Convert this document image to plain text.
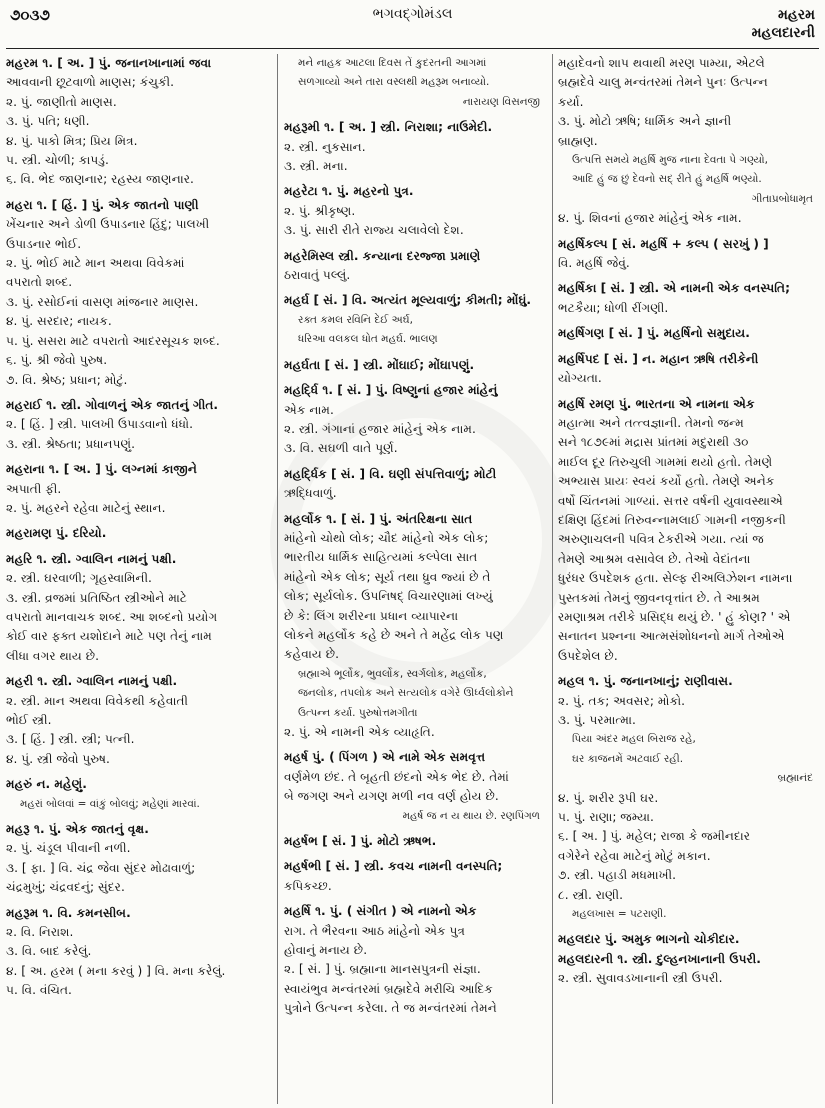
૭૦૩૭	ભગવદ્ગોમંડલ	મહરમ
મહલદારની
મહરમ ૧. [ અ. ] પું. જનાનખાનામાં જવા
આવવાની છૂટવાળો માણસ; કંચુકી.
૨. પું. જાણીતો માણસ.
૩. પું. પતિ; ધણી.
૪. પું. પાકો મિત્ર; પ્રિય મિત્ર.
૫. સ્ત્રી. ચોળી; કાપડું.
૬. વિ. ભેદ જાણનાર; રહસ્ય જાણનાર.
મહરા ૧. [ હિં. ] પું. એક જાતનો પાણી
ખેંચનાર અને ડોળી ઉપાડનાર હિંદુ; પાલખી
ઉપાડનાર ભોઈ.
૨. પું. ભોઈ માટે માન અથવા વિવેકમાં
વપરાતો શબ્દ.
૩. પું. રસોઈનાં વાસણ માંજનાર માણસ.
૪. પું. સરદાર; નાયક.
૫. પું. સસરા માટે વપરાતો આદરસૂચક શબ્દ.
૬. પું. શ્રી જેવો પુરુષ.
૭. વિ. શ્રેષ્ઠ; પ્રધાન; મોટું.
મહરાઈ ૧. સ્ત્રી. ગોવાળનું એક જાતનું ગીત.
૨. [ હિં. ] સ્ત્રી. પાલખી ઉપાડવાનો ધંધો.
૩. સ્ત્રી. શ્રેષ્ઠતા; પ્રધાનપણું.
મહરાના ૧. [ અ. ] પું. લગ્નમાં કાજીને
અપાતી ફી.
૨. પું. મહરને રહેવા માટેનું સ્થાન.
મહરામણ પું. દરિયો.
મહરિ ૧. સ્ત્રી. ગ્વાલિન નામનું પક્ષી.
૨. સ્ત્રી. ઘરવાળી; ગૃહસ્વામિની.
૩. સ્ત્રી. વ્રજમાં પ્રતિષ્ઠિત સ્ત્રીઓને માટે
વપરાતો માનવાચક શબ્દ. આ શબ્દનો પ્રયોગ
કોઈ વાર ફક્ત યશોદાને માટે પણ તેનું નામ
લીધા વગર થાય છે.
મહરી ૧. સ્ત્રી. ગ્વાલિન નામનું પક્ષી.
૨. સ્ત્રી. માન અથવા વિવેકથી કહેવાતી
ભોઈ સ્ત્રી.
૩. [ હિં. ] સ્ત્રી. સ્ત્રી; પત્ની.
૪. પું. સ્ત્રી જેવો પુરુષ.
મહરું ન. મહેણું.
મહરાં બોલવાં = વાંકું બોલવું; મહેણાં મારવાં.
મહરૂ ૧. પું. એક જાતનું વૃક્ષ.
૨. પું. ચંડૂલ પીવાની નળી.
૩. [ ફા. ] વિ. ચંદ્ર જેવા સુંદર મોઢાવાળું;
ચંદ્રમુખું; ચંદ્રવદનું; સુંદર.
મહરૂમ ૧. વિ. કમનસીબ.
૨. વિ. નિરાશ.
૩. વિ. બાદ કરેલું.
૪. [ અ. હરમ ( મના કરવું ) ] વિ. મના કરેલું.
૫. વિ. વંચિત.
મને નાહક આટલા દિવસ તેં કુદરતની આગમાં
સળગાવ્યો અને તારા વસ્લથી મહરૂમ બનાવ્યો.
નારાયણ વિસનજી
મહરૂમી ૧. [ અ. ] સ્ત્રી. નિરાશા; નાઉમેદી.
૨. સ્ત્રી. નુકસાન.
૩. સ્ત્રી. મના.
મહરેટા ૧. પું. મહરનો પુત્ર.
૨. પું. શ્રીકૃષ્ણ.
૩. પું. સારી રીતે રાજ્ય ચલાવેલો દેશ.
મહરેમિસ્લ સ્ત્રી. કન્યાના દરજ્જા પ્રમાણે
ઠરાવાતું પલ્લું.
મહર્ઘ [ સં. ] વિ. અત્યંત મૂલ્યવાળું; કીમતી; મોંઘું.
રક્ત કમલ રવિનિ દેઈ અર્ઘ,
ધરિઆ વલકલ ધોત મહર્ઘ. ભાલણ
મહર્ઘતા [ સં. ] સ્ત્રી. મોંઘાઈ; મોંઘાપણું.
મહર્દ્ધિ ૧. [ સં. ] પું. વિષ્ણુનાં હજાર માંહેનું
એક નામ.
૨. સ્ત્રી. ગંગાનાં હજાર માંહેનું એક નામ.
૩. વિ. સઘળી વાતે પૂર્ણ.
મહર્દ્ધિક [ સં. ] વિ. ઘણી સંપત્તિવાળું; મોટી
ઋદ્ધિવાળું.
મહર્લોક ૧. [ સં. ] પું. અંતરિક્ષના સાત
માંહેનો ચોથો લોક; ચૌદ માંહેનો એક લોક;
ભારતીય ધાર્મિક સાહિત્યમાં કલ્પેલા સાત
માંહેનો એક લોક; સૂર્ય તથા ધ્રુવ જ્યાં છે તે
લોક; સૂર્યલોક. ઉપનિષદ્ વિચારણામાં લખ્યું
છે કે: લિંગ શરીરના પ્રધાન વ્યાપારના
લોકને મહર્લોક કહે છે અને તે મહેંદ્ર લોક પણ
કહેવાય છે.
બ્રહ્માએ ભૂર્લોક, ભુવર્લોક, સ્વર્ગલોક, મહર્લોક,
જનલોક, તપલોક અને સત્યલોક વગેરે ઊર્ધ્વલોકોને
ઉત્પન્ન કર્યા. પુરુષોત્તમગીતા
૨. પું. એ નામની એક વ્યાહૃતિ.
મહર્ષ પું. ( પિંગળ ) એ નામે એક સમવૃત્ત
વર્ણમેળ છંદ. તે બૃહતી છંદનો એક ભેદ છે. તેમાં
બે જગણ અને યગણ મળી નવ વર્ણ હોય છે.
મહર્ષ જ ન ય થાય છે. રણપિંગળ
મહર્ષભ [ સં. ] પું. મોટો ઋષભ.
મહર્ષભી [ સં. ] સ્ત્રી. કવચ નામની વનસ્પતિ;
કપિકચ્છ.
મહર્ષિ ૧. પું. ( સંગીત ) એ નામનો એક
રાગ. તે ભૈરવના આઠ માંહેનો એક પુત્ર
હોવાનું મનાય છે.
૨. [ સં. ] પું. બ્રહ્માના માનસપુત્રની સંજ્ઞા.
સ્વાયંભુવ મન્વંતરમાં બ્રહ્મદેવે મરીચિ આદિક
પુત્રોને ઉત્પન્ન કરેલા. તે જ મન્વંતરમાં તેમને
મહાદેવનો શાપ થવાથી મરણ પામ્યા, એટલે
બ્રહ્મદેવે ચાલુ મન્વંતરમાં તેમને પુનઃ ઉત્પન્ન
કર્યા.
૩. પું. મોટો ઋષિ; ધાર્મિક અને જ્ઞાની
બ્રાહ્મણ.
ઉત્પત્તિ સમયે મહર્ષિ મુજ નાના દેવતા પે ગણ્યો,
આદિ હું જ છું દેવનો સદ્ રીતે હું મહર્ષિ ભણ્યો.
ગીતાપ્રબોધામૃત
૪. પું. શિવનાં હજાર માંહેનું એક નામ.
મહર્ષિકલ્પ [ સં. મહર્ષિ + કલ્પ ( સરખું ) ]
વિ. મહર્ષિ જેવું.
મહર્ષિકા [ સં. ] સ્ત્રી. એ નામની એક વનસ્પતિ;
ભટકૈયા; ધોળી રીંગણી.
મહર્ષિગણ [ સં. ] પું. મહર્ષિનો સમુદાય.
મહર્ષિપદ [ સં. ] ન. મહાન ઋષિ તરીકેની
યોગ્યતા.
મહર્ષિ રમણ પું. ભારતના એ નામના એક
મહાત્મા અને તત્ત્વજ્ઞાની. તેમનો જન્મ
સને ૧૮૭૯માં મદ્રાસ પ્રાંતમાં મદુરાથી ૩૦
માઈલ દૂર તિરુચુલી ગામમાં થયો હતો. તેમણે
અભ્યાસ પ્રાયઃ સ્વયં કર્યો હતો. તેમણે અનેક
વર્ષો ચિંતનમાં ગાળ્યાં. સત્તર વર્ષની યુવાવસ્થાએ
દક્ષિણ હિંદમાં તિરુવન્નામલાઈ ગામની નજીકની
અરુણાચલની પવિત્ર ટેકરીએ ગયા. ત્યાં જ
તેમણે આશ્રમ વસાવેલ છે. તેઓ વેદાંતના
ધુરંધર ઉપદેશક હતા. સેલ્ફ રીઅલિઝેશન નામના
પુસ્તકમાં તેમનું જીવનવૃત્તાંત છે. તે આશ્રમ
રમણાશ્રમ તરીકે પ્રસિદ્ધ થયું છે. ' હું કોણ? ' એ
સનાતન પ્રશ્નના આત્મસંશોધનનો માર્ગ તેઓએ
ઉપદેશેલ છે.
મહલ ૧. પું. જનાનખાનું; રાણીવાસ.
૨. પું. તક; અવસર; મોકો.
૩. પું. પરમાત્મા.
પિયા અંદર મહલ બિરાજ રહે,
ઘર કાજનમેં અટવાઈ રહી.
બ્રહ્માનંદ
૪. પું. શરીર રૂપી ઘર.
૫. પું. રાણા; જમ્યા.
૬. [ અ. ] પું. મહેલ; રાજા કે જમીનદાર
વગેરેને રહેવા માટેનું મોટું મકાન.
૭. સ્ત્રી. પહાડી મધમાખી.
૮. સ્ત્રી. રાણી.
મહલખાસ = પટરાણી.
મહલદાર પું. અમુક ભાગનો ચોકીદાર.
મહલદારની ૧. સ્ત્રી. દુલ્હનખાનાની ઉપરી.
૨. સ્ત્રી. સુવાવડખાનાની સ્ત્રી ઉપરી.
